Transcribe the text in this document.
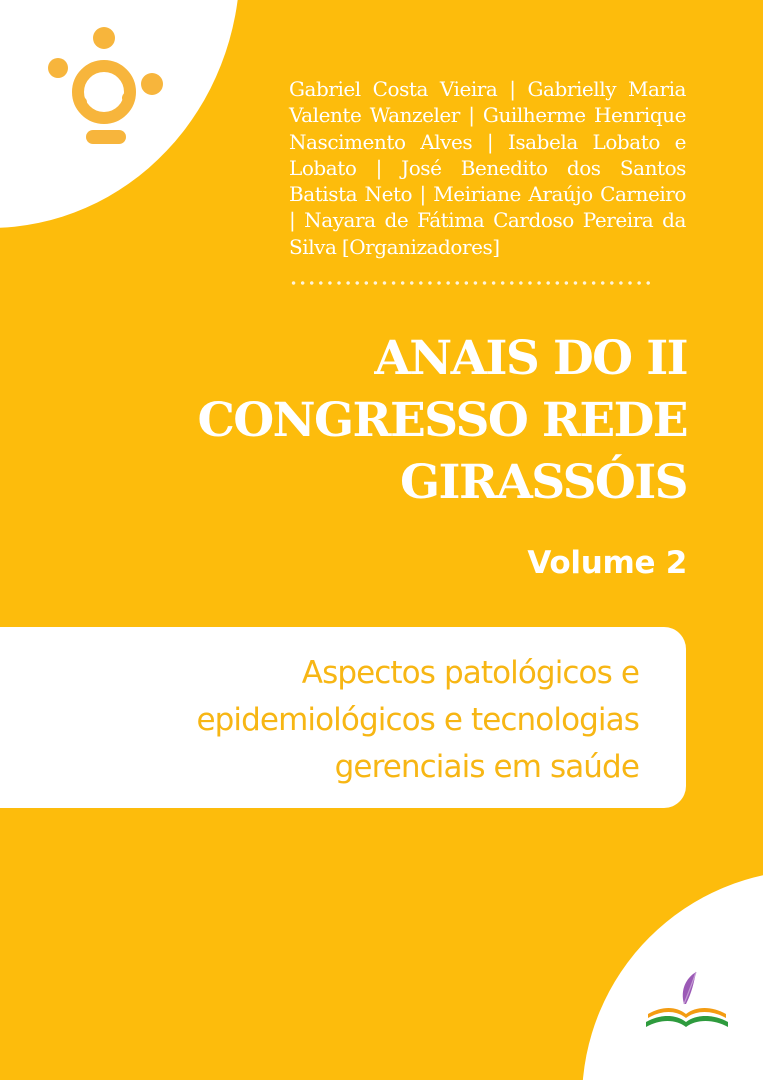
Gabriel Costa Vieira | Gabrielly Maria Valente Wanzeler | Guilherme Henrique Nascimento Alves | Isabela Lobato e Lobato | José Benedito dos Santos Batista Neto | Meiriane Araújo Carneiro | Nayara de Fátima Cardoso Pereira da Silva [Organizadores]
ANAIS DO II
CONGRESSO REDE
GIRASSÓIS
Volume 2
Aspectos patológicos e
epidemiológicos e tecnologias
gerenciais em saúde
